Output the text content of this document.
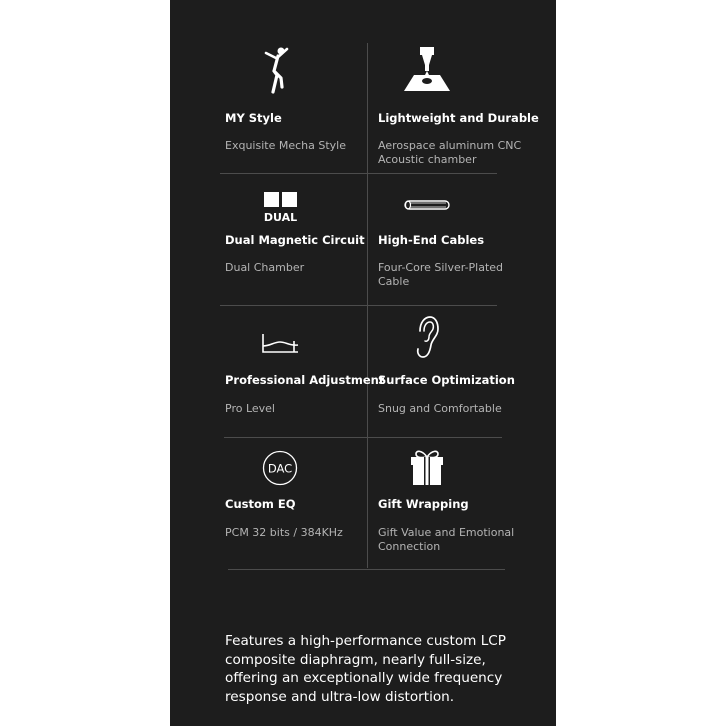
MY Style
Exquisite Mecha Style
Lightweight and Durable
Aerospace aluminum CNC Acoustic chamber
DUAL
Dual Magnetic Circuit
Dual Chamber
High-End Cables
Four-Core Silver-Plated Cable
Professional Adjustment
Pro Level
Surface Optimization
Snug and Comfortable
DAC
Custom EQ
PCM 32 bits / 384KHz
Gift Wrapping
Gift Value and Emotional Connection
Features a high-performance custom LCP composite diaphragm, nearly full-size, offering an exceptionally wide frequency response and ultra-low distortion.
